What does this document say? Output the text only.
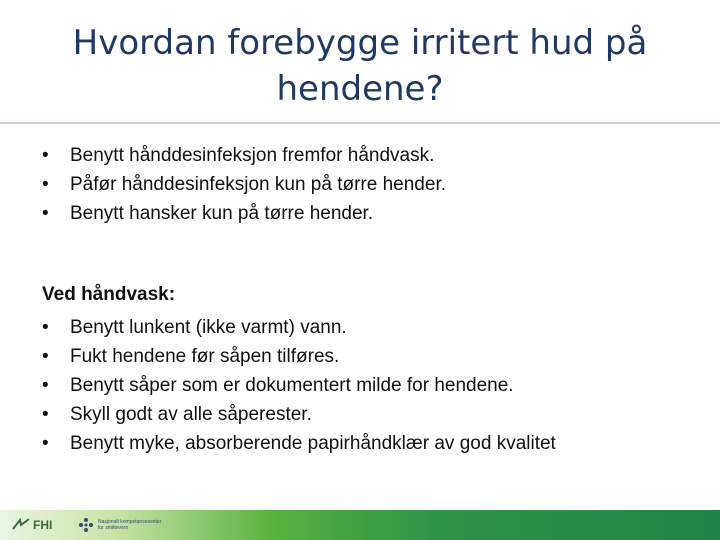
Hvordan forebygge irritert hud på hendene?
•	Benytt hånddesinfeksjon fremfor håndvask.
•	Påfør hånddesinfeksjon kun på tørre hender.
•	Benytt hansker kun på tørre hender.
Ved håndvask:
•	Benytt lunkent (ikke varmt) vann.
•	Fukt hendene før såpen tilføres.
•	Benytt såper som er dokumentert milde for hendene.
•	Skyll godt av alle såperester.
•	Benytt myke, absorberende papirhåndklær av god kvalitet
FHI	Nasjonalt kompetansesenter
for smittevern
